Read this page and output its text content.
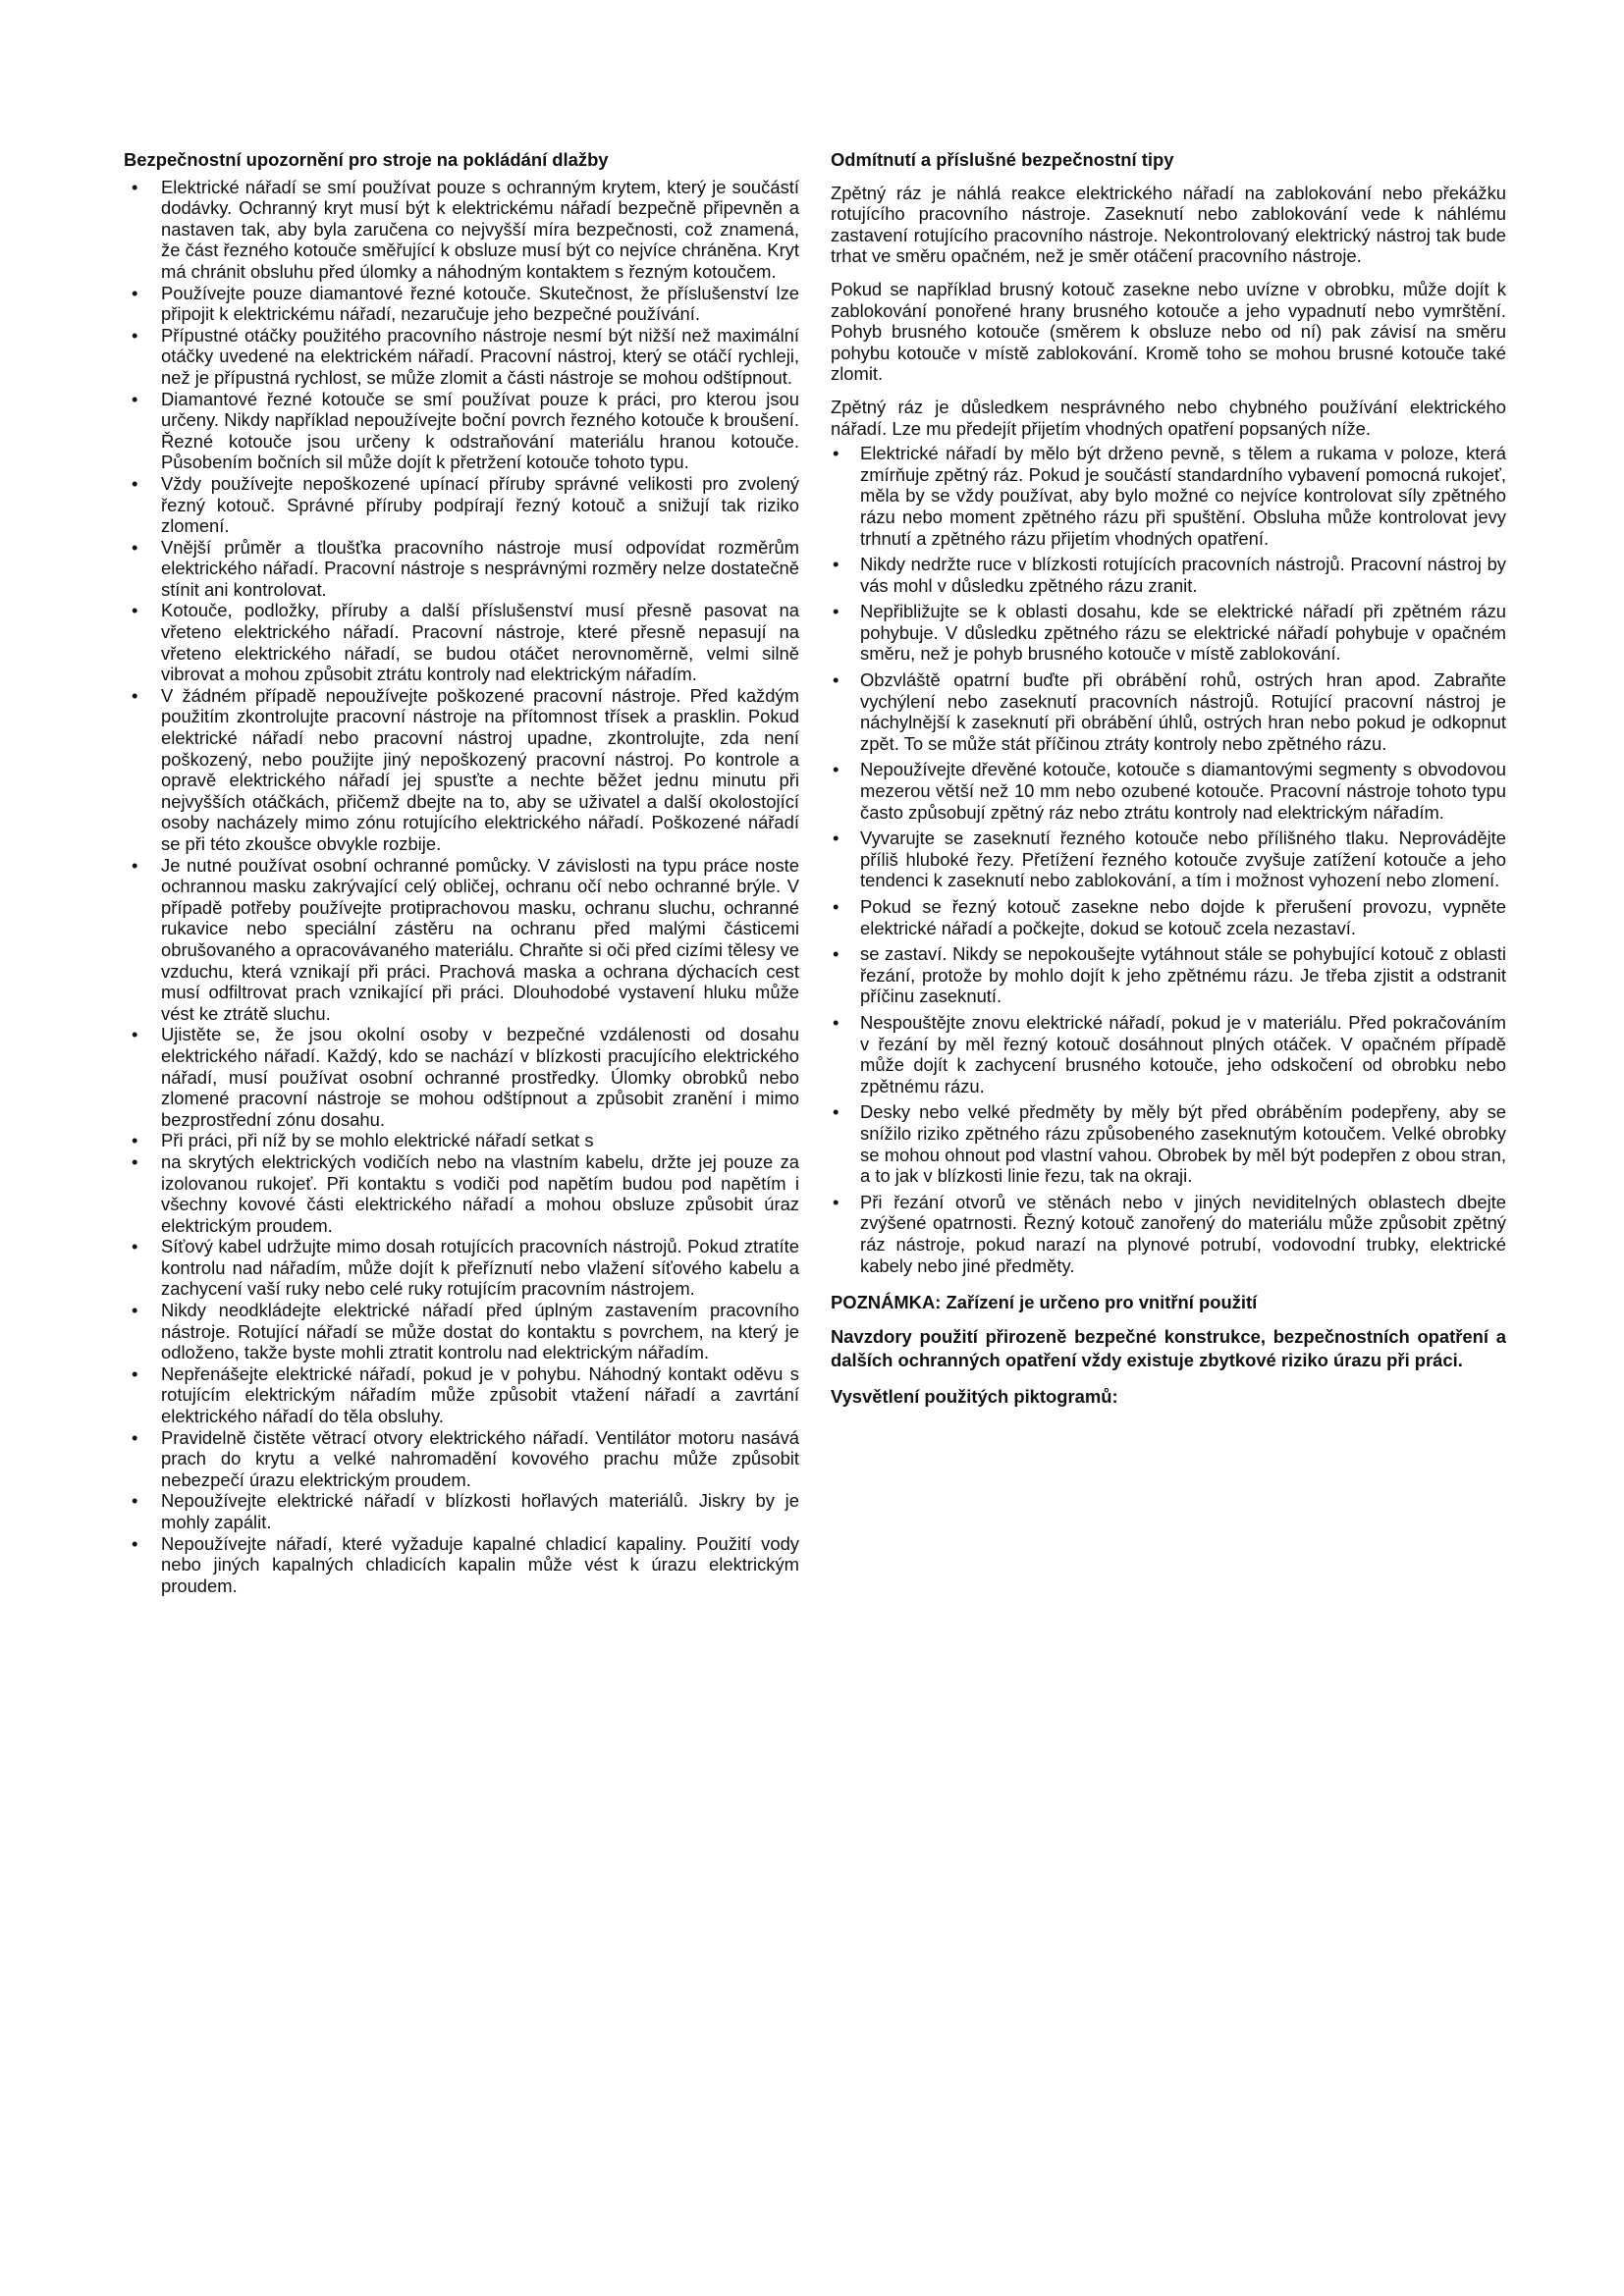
Bezpečnostní upozornění pro stroje na pokládání dlažby
• Elektrické nářadí se smí používat pouze s ochranným krytem, který je součástí dodávky. Ochranný kryt musí být k elektrickému nářadí bezpečně připevněn a nastaven tak, aby byla zaručena co nejvyšší míra bezpečnosti, což znamená, že část řezného kotouče směřující k obsluze musí být co nejvíce chráněna. Kryt má chránit obsluhu před úlomky a náhodným kontaktem s řezným kotoučem.
• Používejte pouze diamantové řezné kotouče. Skutečnost, že příslušenství lze připojit k elektrickému nářadí, nezaručuje jeho bezpečné používání.
• Přípustné otáčky použitého pracovního nástroje nesmí být nižší než maximální otáčky uvedené na elektrickém nářadí. Pracovní nástroj, který se otáčí rychleji, než je přípustná rychlost, se může zlomit a části nástroje se mohou odštípnout.
• Diamantové řezné kotouče se smí používat pouze k práci, pro kterou jsou určeny. Nikdy například nepoužívejte boční povrch řezného kotouče k broušení. Řezné kotouče jsou určeny k odstraňování materiálu hranou kotouče. Působením bočních sil může dojít k přetržení kotouče tohoto typu.
• Vždy používejte nepoškozené upínací příruby správné velikosti pro zvolený řezný kotouč. Správné příruby podpírají řezný kotouč a snižují tak riziko zlomení.
• Vnější průměr a tloušťka pracovního nástroje musí odpovídat rozměrům elektrického nářadí. Pracovní nástroje s nesprávnými rozměry nelze dostatečně stínit ani kontrolovat.
• Kotouče, podložky, příruby a další příslušenství musí přesně pasovat na vřeteno elektrického nářadí. Pracovní nástroje, které přesně nepasují na vřeteno elektrického nářadí, se budou otáčet nerovnoměrně, velmi silně vibrovat a mohou způsobit ztrátu kontroly nad elektrickým nářadím.
• V žádném případě nepoužívejte poškozené pracovní nástroje. Před každým použitím zkontrolujte pracovní nástroje na přítomnost třísek a prasklin. Pokud elektrické nářadí nebo pracovní nástroj upadne, zkontrolujte, zda není poškozený, nebo použijte jiný nepoškozený pracovní nástroj. Po kontrole a opravě elektrického nářadí jej spusťte a nechte běžet jednu minutu při nejvyšších otáčkách, přičemž dbejte na to, aby se uživatel a další okolostojící osoby nacházely mimo zónu rotujícího elektrického nářadí. Poškozené nářadí se při této zkoušce obvykle rozbije.
• Je nutné používat osobní ochranné pomůcky. V závislosti na typu práce noste ochrannou masku zakrývající celý obličej, ochranu očí nebo ochranné brýle. V případě potřeby používejte protiprachovou masku, ochranu sluchu, ochranné rukavice nebo speciální zástěru na ochranu před malými částicemi obrušovaného a opracovávaného materiálu. Chraňte si oči před cizími tělesy ve vzduchu, která vznikají při práci. Prachová maska a ochrana dýchacích cest musí odfiltrovat prach vznikající při práci. Dlouhodobé vystavení hluku může vést ke ztrátě sluchu.
• Ujistěte se, že jsou okolní osoby v bezpečné vzdálenosti od dosahu elektrického nářadí. Každý, kdo se nachází v blízkosti pracujícího elektrického nářadí, musí používat osobní ochranné prostředky. Úlomky obrobků nebo zlomené pracovní nástroje se mohou odštípnout a způsobit zranění i mimo bezprostřední zónu dosahu.
• Při práci, při níž by se mohlo elektrické nářadí setkat s
• na skrytých elektrických vodičích nebo na vlastním kabelu, držte jej pouze za izolovanou rukojeť. Při kontaktu s vodiči pod napětím budou pod napětím i všechny kovové části elektrického nářadí a mohou obsluze způsobit úraz elektrickým proudem.
• Síťový kabel udržujte mimo dosah rotujících pracovních nástrojů. Pokud ztratíte kontrolu nad nářadím, může dojít k přeříznutí nebo vlažení síťového kabelu a zachycení vaší ruky nebo celé ruky rotujícím pracovním nástrojem.
• Nikdy neodkládejte elektrické nářadí před úplným zastavením pracovního nástroje. Rotující nářadí se může dostat do kontaktu s povrchem, na který je odloženo, takže byste mohli ztratit kontrolu nad elektrickým nářadím.
• Nepřenášejte elektrické nářadí, pokud je v pohybu. Náhodný kontakt oděvu s rotujícím elektrickým nářadím může způsobit vtažení nářadí a zavrtání elektrického nářadí do těla obsluhy.
• Pravidelně čistěte větrací otvory elektrického nářadí. Ventilátor motoru nasává prach do krytu a velké nahromadění kovového prachu může způsobit nebezpečí úrazu elektrickým proudem.
• Nepoužívejte elektrické nářadí v blízkosti hořlavých materiálů. Jiskry by je mohly zapálit.
• Nepoužívejte nářadí, které vyžaduje kapalné chladicí kapaliny. Použití vody nebo jiných kapalných chladicích kapalin může vést k úrazu elektrickým proudem.
Odmítnutí a příslušné bezpečnostní tipy

Zpětný ráz je náhlá reakce elektrického nářadí na zablokování nebo překážku rotujícího pracovního nástroje. Zaseknutí nebo zablokování vede k náhlému zastavení rotujícího pracovního nástroje. Nekontrolovaný elektrický nástroj tak bude trhat ve směru opačném, než je směr otáčení pracovního nástroje.

Pokud se například brusný kotouč zasekne nebo uvízne v obrobku, může dojít k zablokování ponořené hrany brusného kotouče a jeho vypadnutí nebo vymrštění. Pohyb brusného kotouče (směrem k obsluze nebo od ní) pak závisí na směru pohybu kotouče v místě zablokování. Kromě toho se mohou brusné kotouče také zlomit.

Zpětný ráz je důsledkem nesprávného nebo chybného používání elektrického nářadí. Lze mu předejít přijetím vhodných opatření popsaných níže.

• Elektrické nářadí by mělo být drženo pevně, s tělem a rukama v poloze, která zmírňuje zpětný ráz. Pokud je součástí standardního vybavení pomocná rukojeť, měla by se vždy používat, aby bylo možné co nejvíce kontrolovat síly zpětného rázu nebo moment zpětného rázu při spuštění. Obsluha může kontrolovat jevy trhnutí a zpětného rázu přijetím vhodných opatření.
• Nikdy nedržte ruce v blízkosti rotujících pracovních nástrojů. Pracovní nástroj by vás mohl v důsledku zpětného rázu zranit.
• Nepřibližujte se k oblasti dosahu, kde se elektrické nářadí při zpětném rázu pohybuje. V důsledku zpětného rázu se elektrické nářadí pohybuje v opačném směru, než je pohyb brusného kotouče v místě zablokování.
• Obzvláště opatrní buďte při obrábění rohů, ostrých hran apod. Zabraňte vychýlení nebo zaseknutí pracovních nástrojů. Rotující pracovní nástroj je náchylnější k zaseknutí při obrábění úhlů, ostrých hran nebo pokud je odkopnut zpět. To se může stát příčinou ztráty kontroly nebo zpětného rázu.
• Nepoužívejte dřevěné kotouče, kotouče s diamantovými segmenty s obvodovou mezerou větší než 10 mm nebo ozubené kotouče. Pracovní nástroje tohoto typu často způsobují zpětný ráz nebo ztrátu kontroly nad elektrickým nářadím.
• Vyvarujte se zaseknutí řezného kotouče nebo přílišného tlaku. Neprovádějte příliš hluboké řezy. Přetížení řezného kotouče zvyšuje zatížení kotouče a jeho tendenci k zaseknutí nebo zablokování, a tím i možnost vyhození nebo zlomení.
• Pokud se řezný kotouč zasekne nebo dojde k přerušení provozu, vypněte elektrické nářadí a počkejte, dokud se kotouč zcela nezastaví.
• se zastaví. Nikdy se nepokoušejte vytáhnout stále se pohybující kotouč z oblasti řezání, protože by mohlo dojít k jeho zpětnému rázu. Je třeba zjistit a odstranit příčinu zaseknutí.
• Nespouštějte znovu elektrické nářadí, pokud je v materiálu. Před pokračováním v řezání by měl řezný kotouč dosáhnout plných otáček. V opačném případě může dojít k zachycení brusného kotouče, jeho odskočení od obrobku nebo zpětnému rázu.
• Desky nebo velké předměty by měly být před obráběním podepřeny, aby se snížilo riziko zpětného rázu způsobeného zaseknutým kotoučem. Velké obrobky se mohou ohnout pod vlastní vahou. Obrobek by měl být podepřen z obou stran, a to jak v blízkosti linie řezu, tak na okraji.
• Při řezání otvorů ve stěnách nebo v jiných neviditelných oblastech dbejte zvýšené opatrnosti. Řezný kotouč zanořený do materiálu může způsobit zpětný ráz nástroje, pokud narazí na plynové potrubí, vodovodní trubky, elektrické kabely nebo jiné předměty.
POZNÁMKA: Zařízení je určeno pro vnitřní použití
Navzdory použití přirozeně bezpečné konstrukce, bezpečnostních opatření a dalších ochranných opatření vždy existuje zbytkové riziko úrazu při práci.
Vysvětlení použitých piktogramů:
